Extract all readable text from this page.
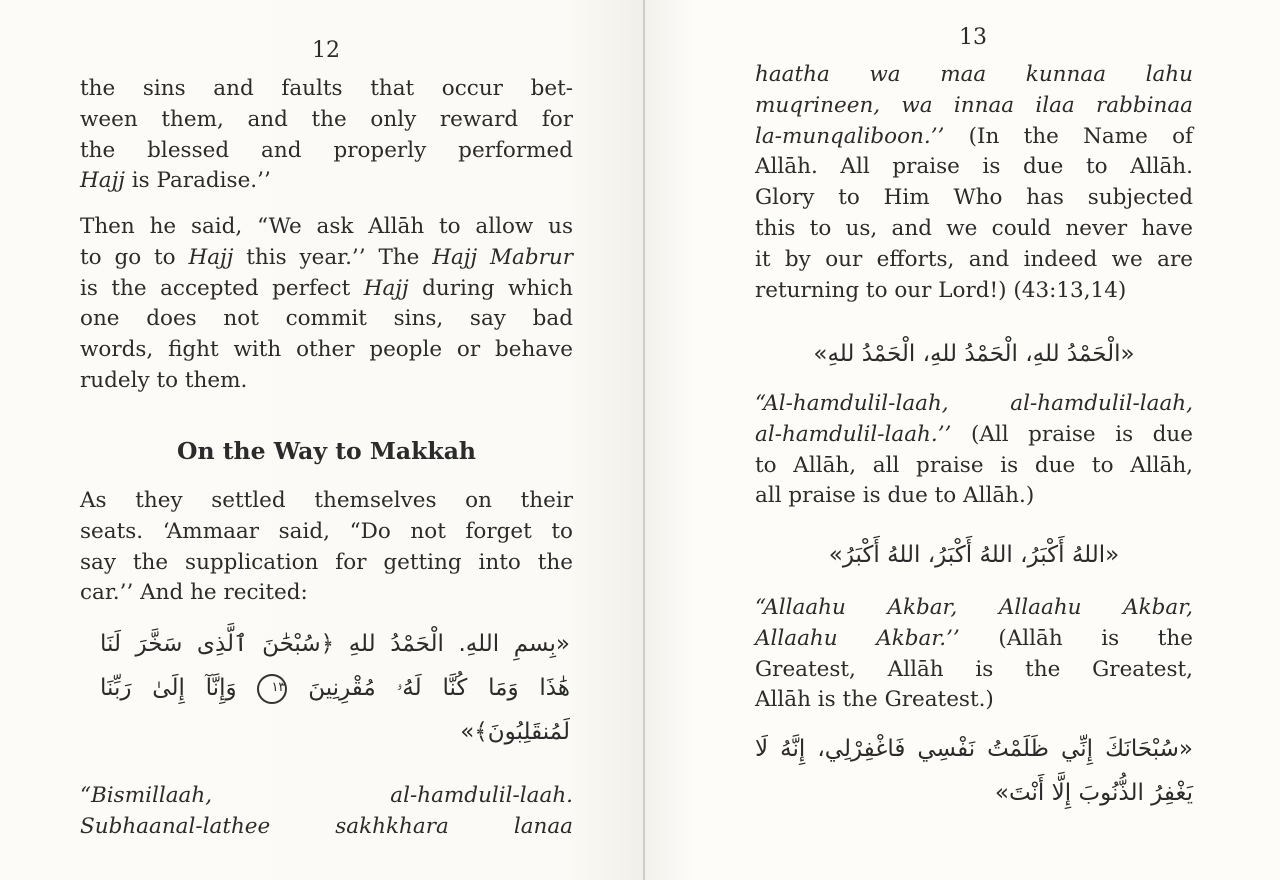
12
the sins and faults that occur bet-
ween them, and the only reward for
the blessed and properly performed
Hajj is Paradise.’’
Then he said, “We ask Allāh to allow us
to go to Hajj this year.’’ The Hajj Mabrur
is the accepted perfect Hajj during which
one does not commit sins, say bad
words, fight with other people or behave
rudely to them.
On the Way to Makkah
As they settled themselves on their
seats. ‘Ammaar said, “Do not forget to
say the supplication for getting into the
car.’’ And he recited:
«بِسمِ اللهِ. الْحَمْدُ للهِ ﴿سُبْحَٰنَ ٱلَّذِى سَخَّرَ لَنَا
هَٰذَا وَمَا كُنَّا لَهُۥ مُقْرِنِينَ ١٣ وَإِنَّآ إِلَىٰ رَبِّنَا
لَمُنقَلِبُونَ﴾»
“Bismillaah, al-hamdulil-laah.
Subhaanal-lathee sakhkhara lanaa
13
haatha wa maa kunnaa lahu
muqrineen, wa innaa ilaa rabbinaa
la-munqaliboon.’’ (In the Name of
Allāh. All praise is due to Allāh.
Glory to Him Who has subjected
this to us, and we could never have
it by our efforts, and indeed we are
returning to our Lord!) (43:13,14)
«الْحَمْدُ للهِ، الْحَمْدُ للهِ، الْحَمْدُ للهِ»
“Al-hamdulil-laah, al-hamdulil-laah,
al-hamdulil-laah.’’ (All praise is due
to Allāh, all praise is due to Allāh,
all praise is due to Allāh.)
«اللهُ أَكْبَرُ، اللهُ أَكْبَرُ، اللهُ أَكْبَرُ»
“Allaahu Akbar, Allaahu Akbar,
Allaahu Akbar.’’ (Allāh is the
Greatest, Allāh is the Greatest,
Allāh is the Greatest.)
«سُبْحَانَكَ إِنِّي ظَلَمْتُ نَفْسِي فَاغْفِرْلِي، إِنَّهُ لَا
يَغْفِرُ الذُّنُوبَ إِلَّا أَنْتَ»
